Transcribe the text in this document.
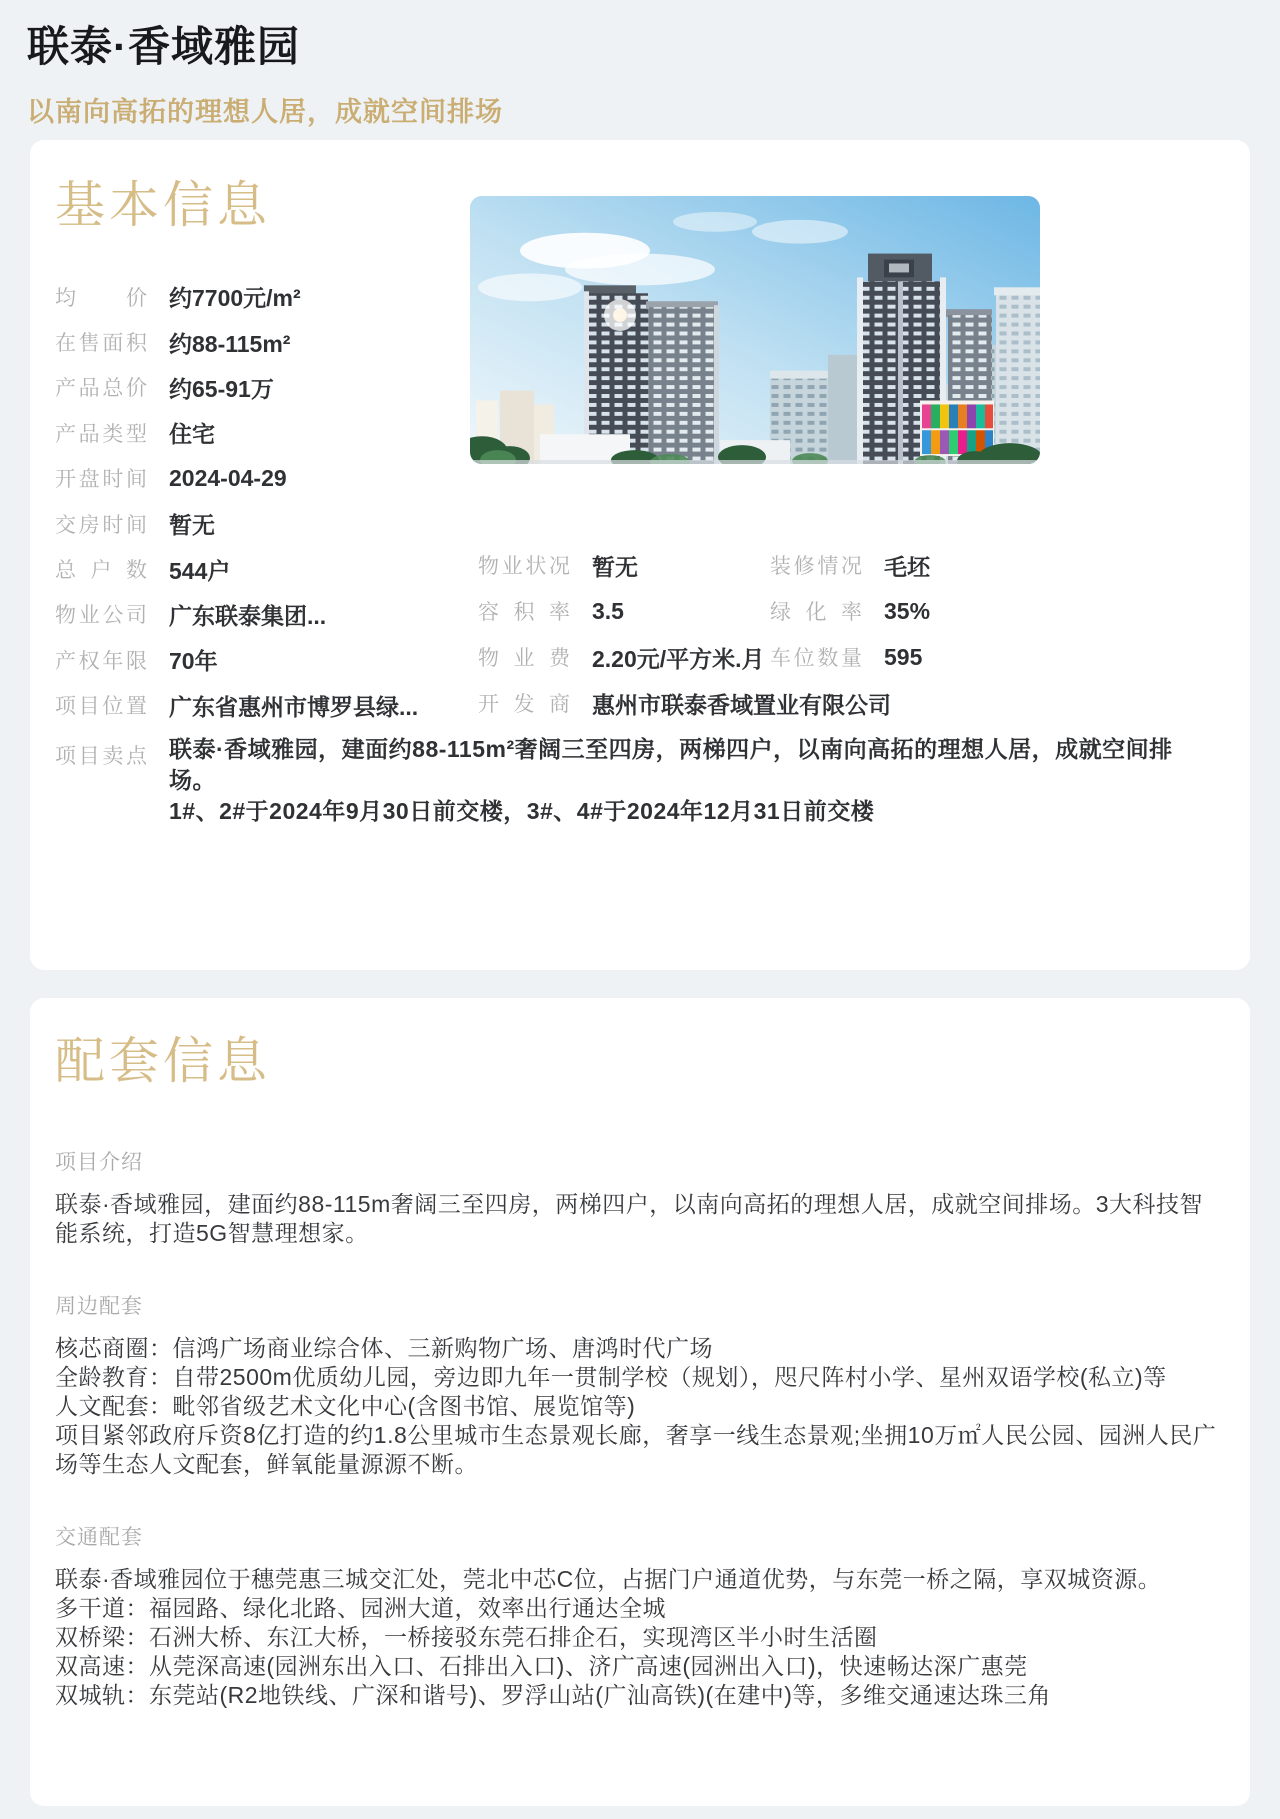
联泰·香域雅园
以南向高拓的理想人居，成就空间排场
基本信息
均价 约7700元/m²
在售面积 约88-115m²
产品总价 约65-91万
产品类型 住宅
开盘时间 2024-04-29
交房时间 暂无
总户数 544户
物业公司 广东联泰集团...
产权年限 70年
项目位置 广东省惠州市博罗县绿...
物业状况 暂无
容积率 3.5
物业费 2.20元/平方米.月
开发商 惠州市联泰香域置业有限公司
装修情况 毛坯
绿化率 35%
车位数量 595
项目卖点 联泰·香域雅园，建面约88-115m²奢阔三至四房，两梯四户，以南向高拓的理想人居，成就空间排场。
1#、2#于2024年9月30日前交楼，3#、4#于2024年12月31日前交楼
配套信息
项目介绍
联泰·香域雅园，建面约88-115m奢阔三至四房，两梯四户，以南向高拓的理想人居，成就空间排场。3大科技智能系统，打造5G智慧理想家。
周边配套
核芯商圈：信鸿广场商业综合体、三新购物广场、唐鸿时代广场
全龄教育：自带2500m优质幼儿园，旁边即九年一贯制学校（规划），咫尺阵村小学、星州双语学校(私立)等
人文配套：毗邻省级艺术文化中心(含图书馆、展览馆等)
项目紧邻政府斥资8亿打造的约1.8公里城市生态景观长廊，奢享一线生态景观;坐拥10万㎡人民公园、园洲人民广场等生态人文配套，鲜氧能量源源不断。
交通配套
联泰·香域雅园位于穗莞惠三城交汇处，莞北中芯C位，占据门户通道优势，与东莞一桥之隔，享双城资源。
多干道：福园路、绿化北路、园洲大道，效率出行通达全城
双桥梁：石洲大桥、东江大桥，一桥接驳东莞石排企石，实现湾区半小时生活圈
双高速：从莞深高速(园洲东出入口、石排出入口)、济广高速(园洲出入口)，快速畅达深广惠莞
双城轨：东莞站(R2地铁线、广深和谐号)、罗浮山站(广汕高铁)(在建中)等，多维交通速达珠三角
